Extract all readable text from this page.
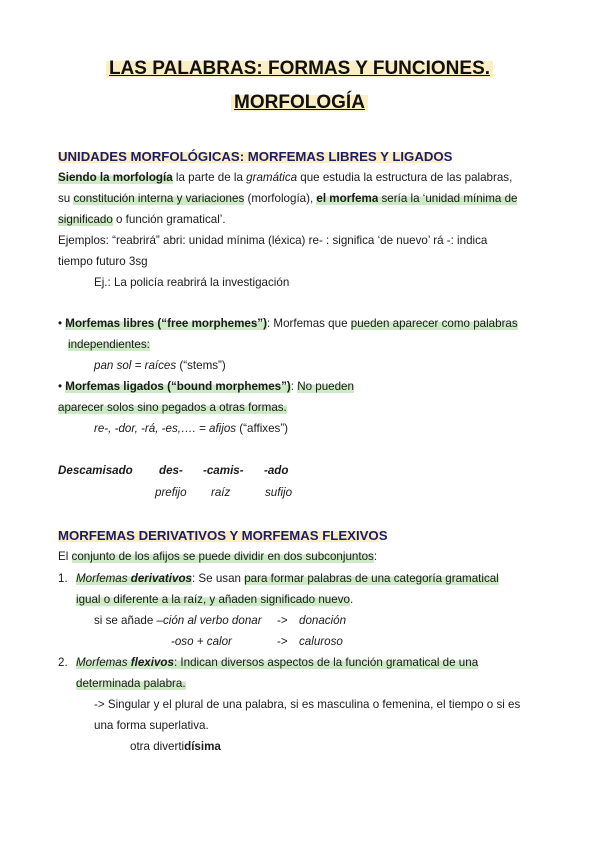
LAS PALABRAS: FORMAS Y FUNCIONES.
MORFOLOGÍA
UNIDADES MORFOLÓGICAS: MORFEMAS LIBRES Y LIGADOS
Siendo la morfología la parte de la gramática que estudia la estructura de las palabras,
su constitución interna y variaciones (morfología), el morfema sería la ‘unidad mínima de
significado o función gramatical’.
Ejemplos: “reabrirá” abri: unidad mínima (léxica) re- : significa ‘de nuevo’ rá -: indica
tiempo futuro 3sg
Ej.: La policía reabrirá la investigación
• Morfemas libres (“free morphemes”): Morfemas que pueden aparecer como palabras
independientes:
pan sol = raíces (“stems”)
• Morfemas ligados (“bound morphemes”): No pueden
aparecer solos sino pegados a otras formas.
re-, -dor, -rá, -es,…. = afijos (“affixes”)
Descamisado des- -camis- -ado
prefijo raíz	sufijo
MORFEMAS DERIVATIVOS Y MORFEMAS FLEXIVOS
El conjunto de los afijos se puede dividir en dos subconjuntos:
1. Morfemas derivativos: Se usan para formar palabras de una categoría gramatical
igual o diferente a la raíz, y añaden significado nuevo.
si se añade –ción al verbo donar -> donación
-oso + calor	-> caluroso
2. Morfemas flexivos: Indican diversos aspectos de la función gramatical de una
determinada palabra.
-> Singular y el plural de una palabra, si es masculina o femenina, el tiempo o si es
una forma superlativa.
otra divertidísima
